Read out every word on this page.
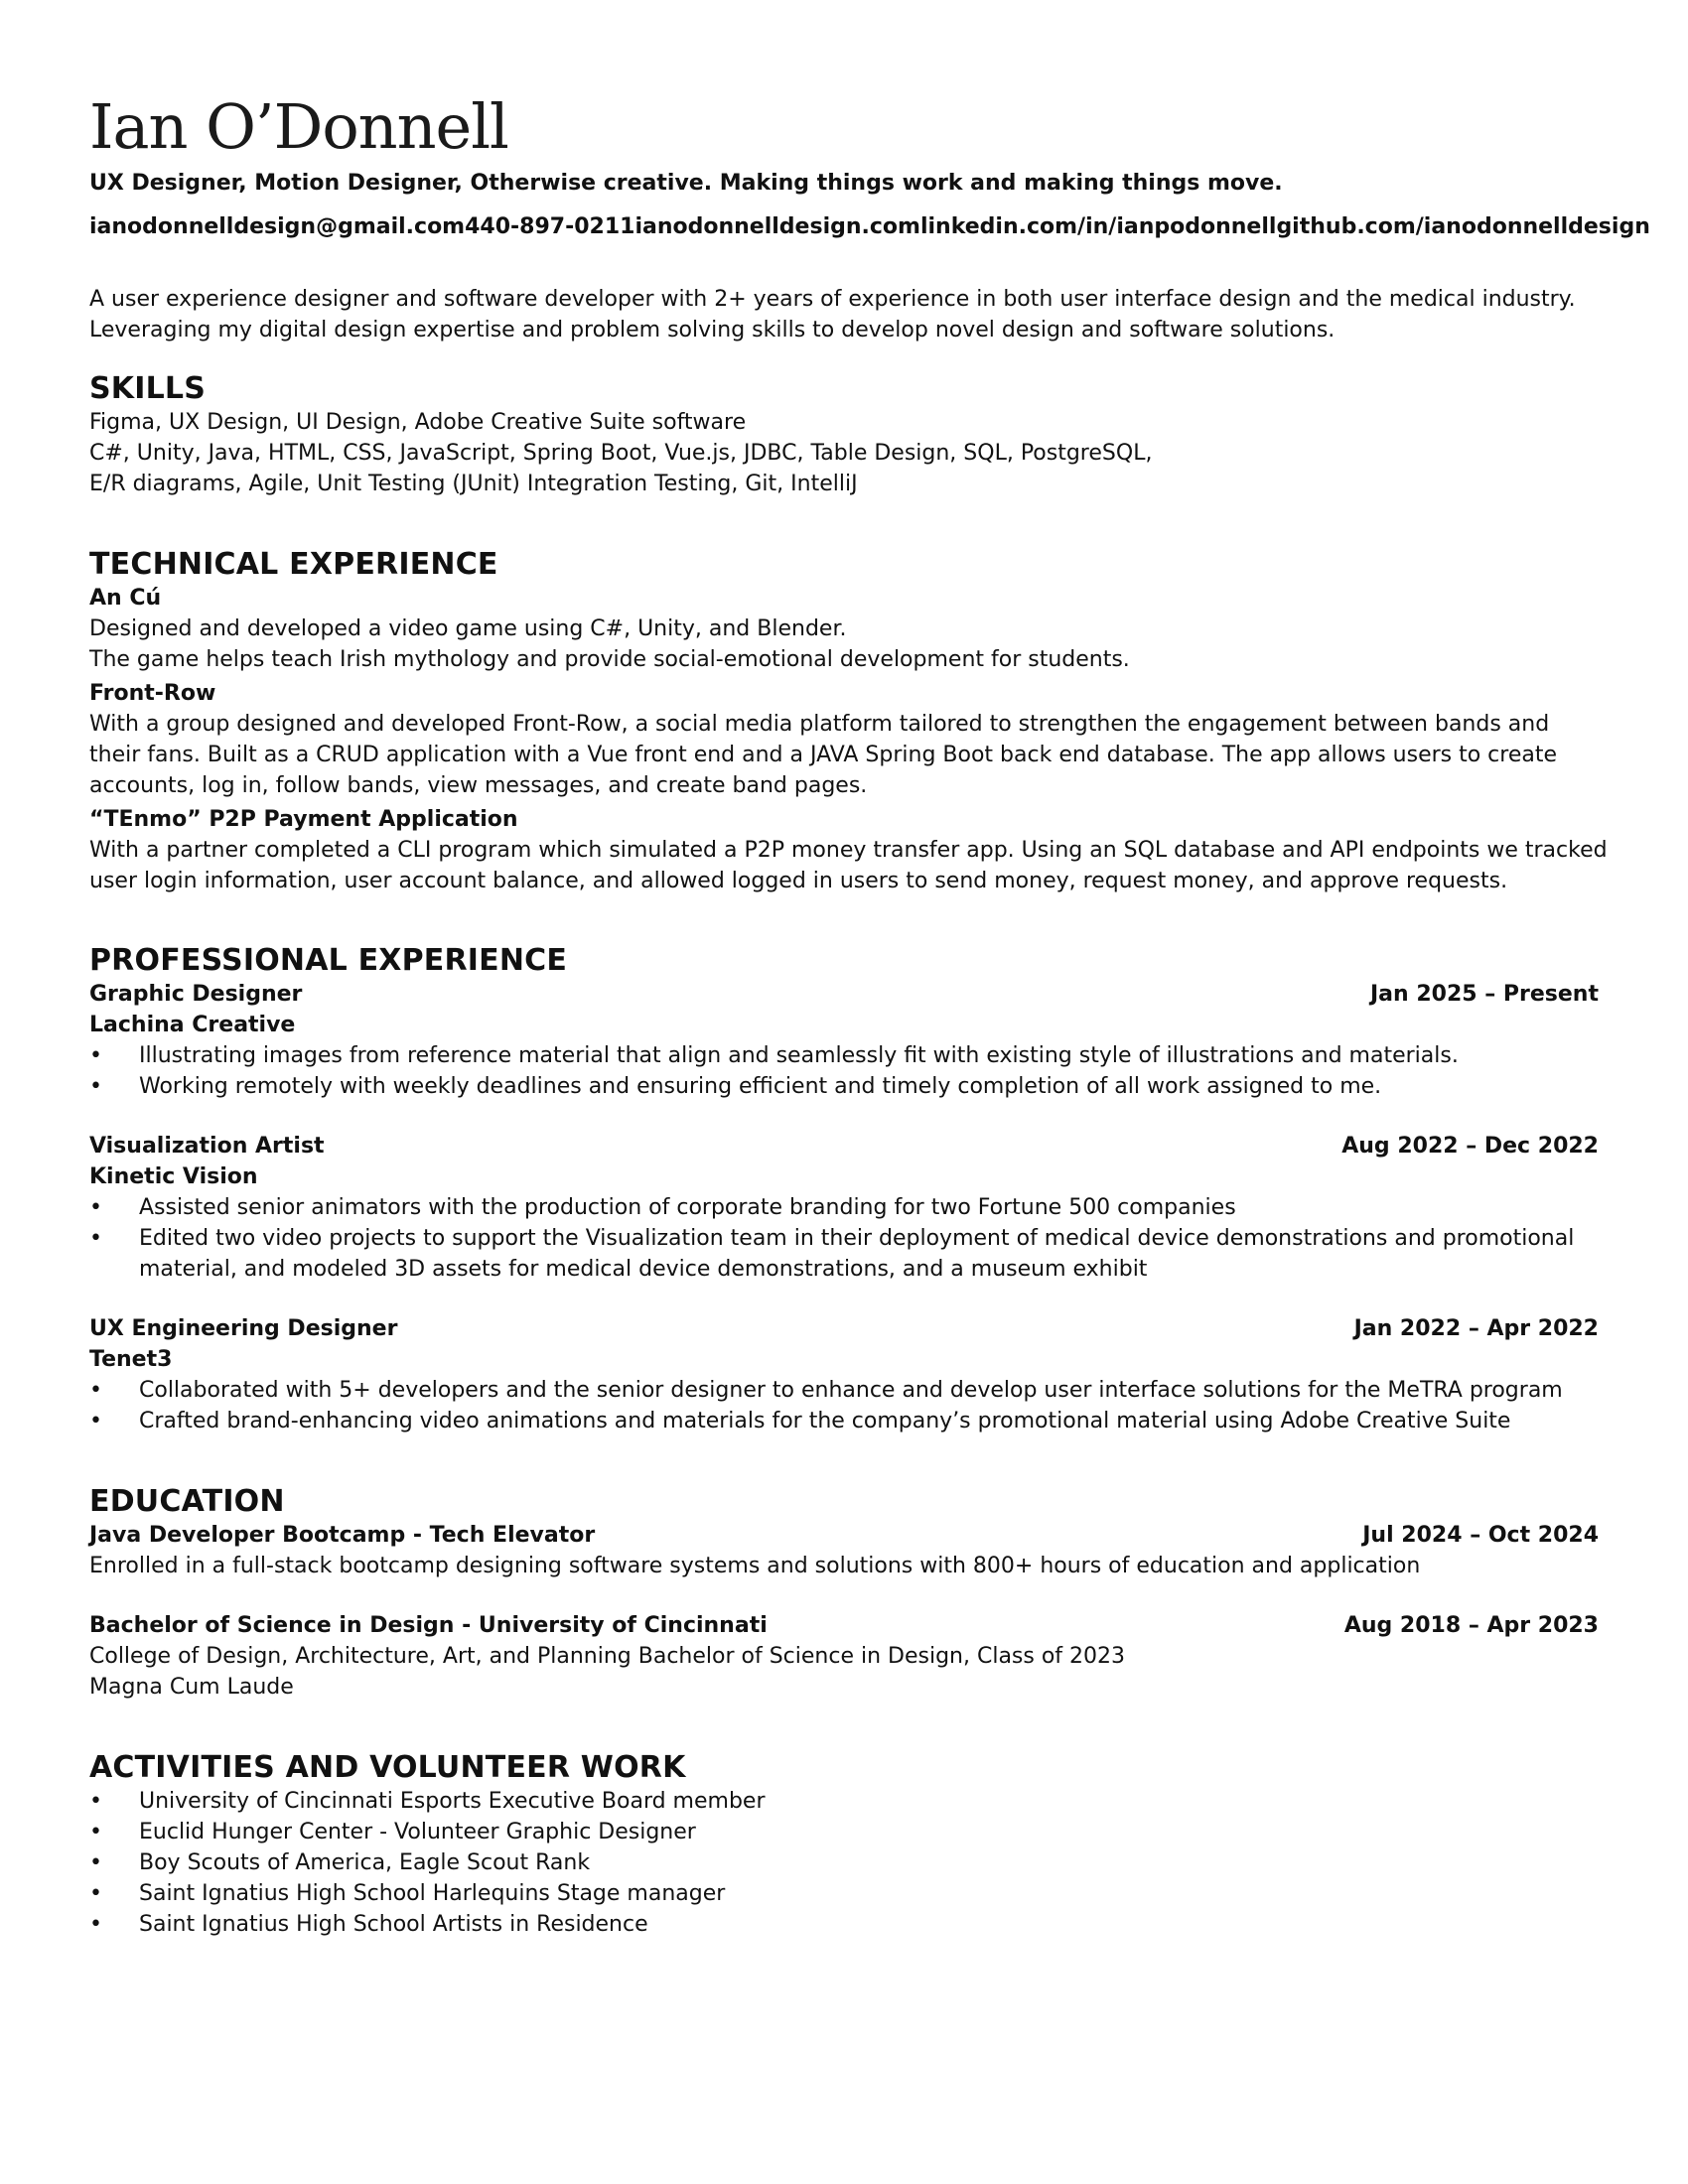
Ian O’Donnell
UX Designer, Motion Designer, Otherwise creative. Making things work and making things move.
ianodonnelldesign@gmail.com 440-897-0211 ianodonnelldesign.com linkedin.com/in/ianpodonnell github.com/ianodonnelldesign
A user experience designer and software developer with 2+ years of experience in both user interface design and the medical industry.
Leveraging my digital design expertise and problem solving skills to develop novel design and software solutions.
SKILLS
Figma, UX Design, UI Design, Adobe Creative Suite software
C#, Unity, Java, HTML, CSS, JavaScript, Spring Boot, Vue.js, JDBC, Table Design, SQL, PostgreSQL,
E/R diagrams, Agile, Unit Testing (JUnit) Integration Testing, Git, IntelliJ
TECHNICAL EXPERIENCE
An Cú
Designed and developed a video game using C#, Unity, and Blender.
The game helps teach Irish mythology and provide social-emotional development for students.
Front-Row
With a group designed and developed Front-Row, a social media platform tailored to strengthen the engagement between bands and
their fans. Built as a CRUD application with a Vue front end and a JAVA Spring Boot back end database. The app allows users to create
accounts, log in, follow bands, view messages, and create band pages.
“TEnmo” P2P Payment Application
With a partner completed a CLI program which simulated a P2P money transfer app. Using an SQL database and API endpoints we tracked
user login information, user account balance, and allowed logged in users to send money, request money, and approve requests.
PROFESSIONAL EXPERIENCE
Graphic Designer	Jan 2025 – Present
Lachina Creative
• Illustrating images from reference material that align and seamlessly fit with existing style of illustrations and materials.
• Working remotely with weekly deadlines and ensuring efficient and timely completion of all work assigned to me.
Visualization Artist	Aug 2022 – Dec 2022
Kinetic Vision
• Assisted senior animators with the production of corporate branding for two Fortune 500 companies
• Edited two video projects to support the Visualization team in their deployment of medical device demonstrations and promotional material, and modeled 3D assets for medical device demonstrations, and a museum exhibit
UX Engineering Designer	Jan 2022 – Apr 2022
Tenet3
• Collaborated with 5+ developers and the senior designer to enhance and develop user interface solutions for the MeTRA program
• Crafted brand-enhancing video animations and materials for the company’s promotional material using Adobe Creative Suite
EDUCATION
Java Developer Bootcamp - Tech Elevator	Jul 2024 – Oct 2024
Enrolled in a full-stack bootcamp designing software systems and solutions with 800+ hours of education and application
Bachelor of Science in Design - University of Cincinnati	Aug 2018 – Apr 2023
College of Design, Architecture, Art, and Planning Bachelor of Science in Design, Class of 2023
Magna Cum Laude
ACTIVITIES AND VOLUNTEER WORK
• University of Cincinnati Esports Executive Board member
• Euclid Hunger Center - Volunteer Graphic Designer
• Boy Scouts of America, Eagle Scout Rank
• Saint Ignatius High School Harlequins Stage manager
• Saint Ignatius High School Artists in Residence
